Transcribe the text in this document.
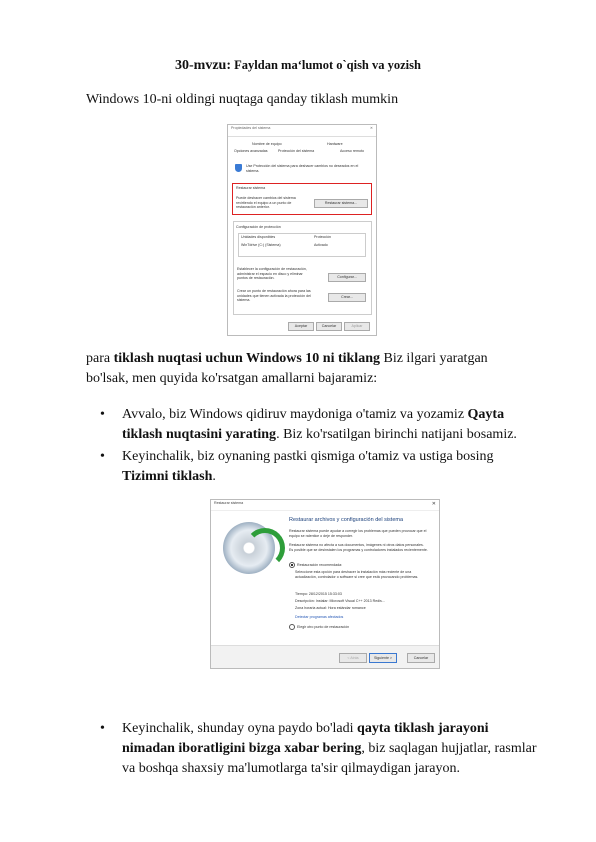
30-mvzu: Fayldan ma‘lumot o`qish va yozish
Windows 10-ni oldingi nuqtaga qanday tiklash mumkin
Propiedades del sistema	✕
Nombre de equipo	Hardware
Opciones avanzadas	Protección del sistema	Acceso remoto
Use Protección del sistema para deshacer cambios no deseados en el sistema.
Restaurar sistema
Puede deshacer cambios del sistema revirtiendo el equipo a un punto de restauración anterior.
Restaurar sistema...
Configuración de protección
Unidades disponibles	Protección
WinTdrive (C:) (Sistema)	Activado
Establecer la configuración de restauración, administrar el espacio en disco y eliminar puntos de restauración.	Configurar...
Crear un punto de restauración ahora para las unidades que tienen activada la protección del sistema.
Crear...
Aceptar	Cancelar	Aplicar
para tiklash nuqtasi uchun Windows 10 ni tiklang Biz ilgari yaratgan bo'lsak, men quyida ko'rsatgan amallarni bajaramiz:
• Avvalo, biz Windows qidiruv maydoniga o'tamiz va yozamiz Qayta tiklash nuqtasini yarating. Biz ko'rsatilgan birinchi natijani bosamiz.
• Keyinchalik, biz oynaning pastki qismiga o'tamiz va ustiga bosing Tizimni tiklash.
Restaurar sistema	✕
Restaurar archivos y configuración del sistema
Restaurar sistema puede ayudar a corregir los problemas que pueden provocar que el equipo se ralentice o deje de responder.
Restaurar sistema no afecta a sus documentos, imágenes ni otros datos personales. Es posible que se desinstalen los programas y controladores instalados recientemente.
Restauración recomendada:
Seleccione esta opción para deshacer la instalación más reciente de una actualización, controlador o software si cree que está provocando problemas.
Tiempo: 28/12/2015 15:33:03
Descripción: Instalar: Microsoft Visual C++ 2013 Redis...
Zona horaria actual: Hora estándar romance
Detectar programas afectados
Elegir otro punto de restauración
< Atrás	Siguiente >	Cancelar
• Keyinchalik, shunday oyna paydo bo'ladi qayta tiklash jarayoni nimadan iboratligini bizga xabar bering, biz saqlagan hujjatlar, rasmlar va boshqa shaxsiy ma'lumotlarga ta'sir qilmaydigan jarayon.
